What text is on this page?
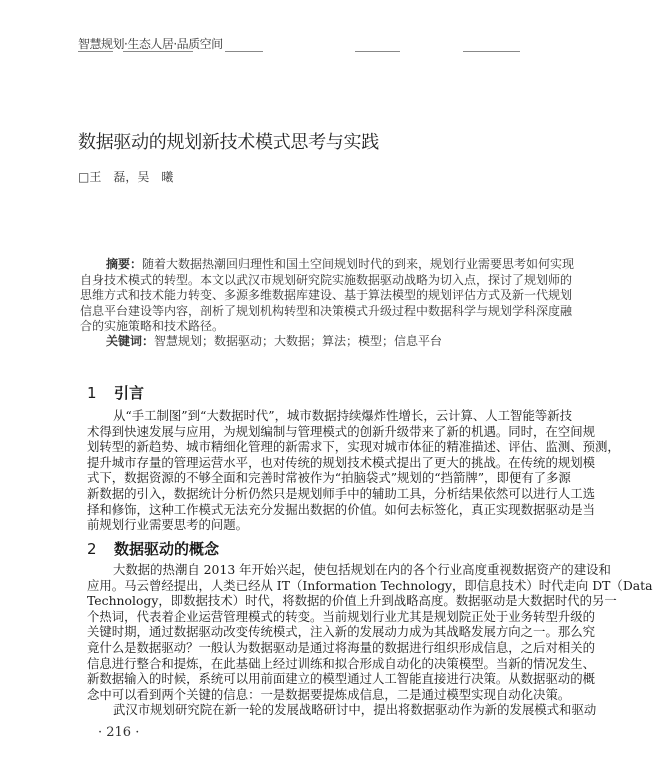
智慧规划·生态人居·品质空间
数据驱动的规划新技术模式思考与实践
□王　磊，吴　曦
摘要：随着大数据热潮回归理性和国土空间规划时代的到来，规划行业需要思考如何实现
自身技术模式的转型。本文以武汉市规划研究院实施数据驱动战略为切入点，探讨了规划师的
思维方式和技术能力转变、多源多维数据库建设、基于算法模型的规划评估方式及新一代规划
信息平台建设等内容，剖析了规划机构转型和决策模式升级过程中数据科学与规划学科深度融
合的实施策略和技术路径。
关键词：智慧规划；数据驱动；大数据；算法；模型；信息平台
1 引言
从“手工制图”到“大数据时代”，城市数据持续爆炸性增长，云计算、人工智能等新技
术得到快速发展与应用，为规划编制与管理模式的创新升级带来了新的机遇。同时，在空间规
划转型的新趋势、城市精细化管理的新需求下，实现对城市体征的精准描述、评估、监测、预测，
提升城市存量的管理运营水平，也对传统的规划技术模式提出了更大的挑战。在传统的规划模
式下，数据资源的不够全面和完善时常被作为“拍脑袋式”规划的“挡箭牌”，即便有了多源
新数据的引入，数据统计分析仍然只是规划师手中的辅助工具，分析结果依然可以进行人工选
择和修饰，这种工作模式无法充分发掘出数据的价值。如何去标签化，真正实现数据驱动是当
前规划行业需要思考的问题。
2 数据驱动的概念
大数据的热潮自 2013 年开始兴起，使包括规划在内的各个行业高度重视数据资产的建设和
应用。马云曾经提出，人类已经从 IT（Information Technology，即信息技术）时代走向 DT（Data
Technology，即数据技术）时代，将数据的价值上升到战略高度。数据驱动是大数据时代的另一
个热词，代表着企业运营管理模式的转变。当前规划行业尤其是规划院正处于业务转型升级的
关键时期，通过数据驱动改变传统模式，注入新的发展动力成为其战略发展方向之一。那么究
竟什么是数据驱动？一般认为数据驱动是通过将海量的数据进行组织形成信息，之后对相关的
信息进行整合和提炼，在此基础上经过训练和拟合形成自动化的决策模型。当新的情况发生、
新数据输入的时候，系统可以用前面建立的模型通过人工智能直接进行决策。从数据驱动的概
念中可以看到两个关键的信息：一是数据要提炼成信息，二是通过模型实现自动化决策。
武汉市规划研究院在新一轮的发展战略研讨中，提出将数据驱动作为新的发展模式和驱动
· 216 ·
